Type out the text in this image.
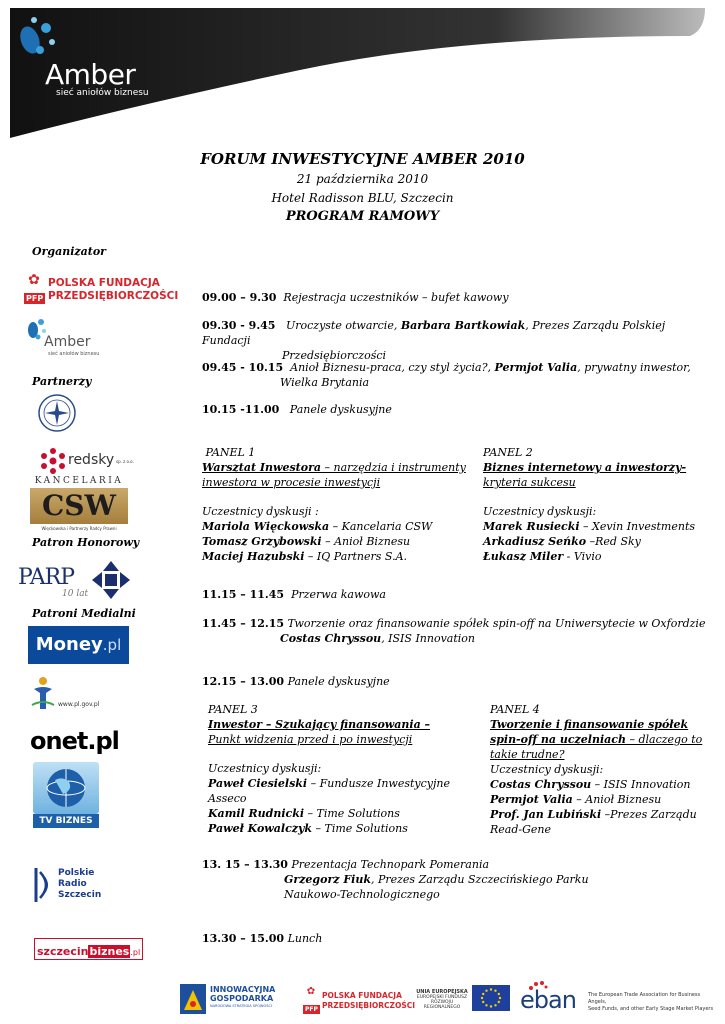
Amber
sieć aniołów biznesu
FORUM INWESTYCYJNE AMBER 2010
21 października 2010
Hotel Radisson BLU, Szczecin
PROGRAM RAMOWY
Organizator
Partnerzy
Patron Honorowy
Patroni Medialni
✿
PFP
POLSKA FUNDACJA
PRZEDSIĘBIORCZOŚCI
Amber
sieć aniołów biznesu
redsky sp. z o.o.
KANCELARIA
CSW
Więckowska i Partnerzy Radcy Prawni
PARP
10 lat
Money.pl
www.pl.gov.pl
onet.pl
TV BIZNES
Polskie
Radio
Szczecin
szczecinbiznes.pl
09.00 – 9.30 Rejestracja uczestników – bufet kawowy
09.30 - 9.45 Uroczyste otwarcie, Barbara Bartkowiak, Prezes Zarządu Polskiej Fundacji
Przedsiębiorczości
09.45 - 10.15 Anioł Biznesu-praca, czy styl życia?, Permjot Valia, prywatny inwestor,
Wielka Brytania
10.15 -11.00 Panele dyskusyjne
PANEL 1
Warsztat Inwestora – narzędzia i instrumenty
inwestora w procesie inwestycji
Uczestnicy dyskusji :
Mariola Więckowska – Kancelaria CSW
Tomasz Grzybowski – Anioł Biznesu
Maciej Hazubski – IQ Partners S.A.
PANEL 2
Biznes internetowy a inwestorzy-
kryteria sukcesu
Uczestnicy dyskusji:
Marek Rusiecki – Xevin Investments
Arkadiusz Seńko –Red Sky
Łukasz Miler - Vivio
11.15 – 11.45 Przerwa kawowa
11.45 – 12.15 Tworzenie oraz finansowanie spółek spin-off na Uniwersytecie w Oxfordzie
Costas Chryssou, ISIS Innovation
12.15 – 13.00 Panele dyskusyjne
PANEL 3
Inwestor – Szukający finansowania –
Punkt widzenia przed i po inwestycji
Uczestnicy dyskusji:
Paweł Ciesielski – Fundusze Inwestycyjne Asseco
Kamil Rudnicki – Time Solutions
Paweł Kowalczyk – Time Solutions
PANEL 4
Tworzenie i finansowanie spółek
spin-off na uczelniach – dlaczego to
takie trudne?
Uczestnicy dyskusji:
Costas Chryssou – ISIS Innovation
Permjot Valia – Anioł Biznesu
Prof. Jan Lubiński –Prezes Zarządu
Read-Gene
13. 15 – 13.30 Prezentacja Technopark Pomerania
Grzegorz Fiuk, Prezes Zarządu Szczecińskiego Parku
Naukowo-Technologicznego
13.30 – 15.00 Lunch
INNOWACYJNA
GOSPODARKA
NARODOWA STRATEGIA SPÓJNOŚCI
✿
PFP
POLSKA FUNDACJA
PRZEDSIĘBIORCZOŚCI
UNIA EUROPEJSKA
EUROPEJSKI FUNDUSZ
ROZWOJU REGIONALNEGO	eban The European Trade Association for Business Angels,
Seed Funds, and other Early Stage Market Players
